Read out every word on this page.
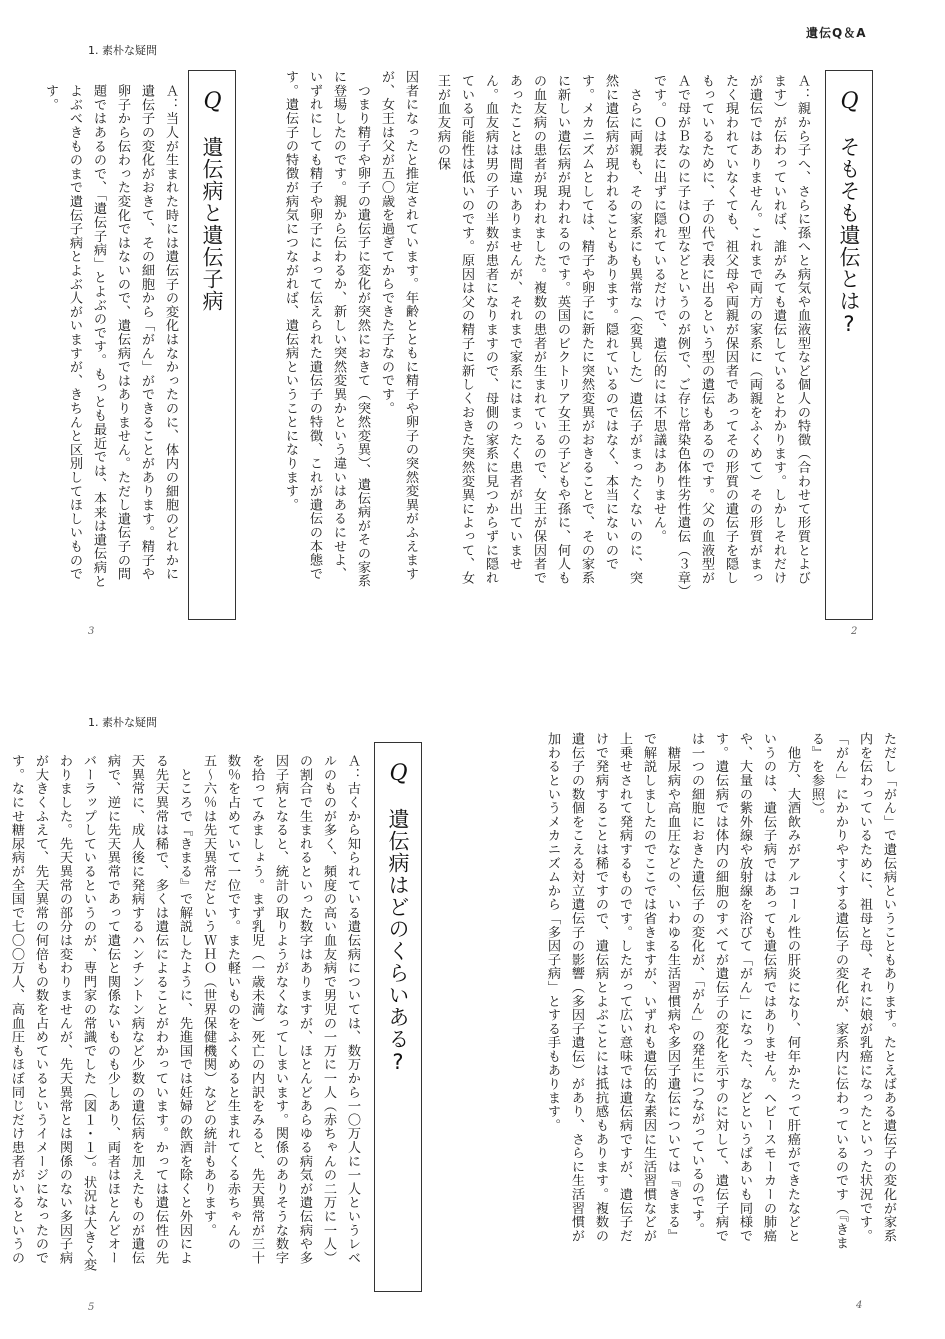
遺伝Q＆A
Qそもそも遺伝とは?
Ａ：親から子へ、さらに孫へと病気や血液型など個人の特徴（合わせて形質とよびます）が伝わっていれば、誰がみても遺伝しているとわかります。しかしそれだけが遺伝ではありません。これまで両方の家系に（両親をふくめて）その形質がまったく現われていなくても、祖父母や両親が保因者であってその形質の遺伝子を隠しもっているために、子の代で表に出るという型の遺伝もあるのです。父の血液型がＡで母がＢなのに子はＯ型などというのが例で、ご存じ常染色体性劣性遺伝（３章）です。Ｏは表に出ずに隠れているだけで、遺伝的には不思議はありません。
　さらに両親も、その家系にも異常な（変異した）遺伝子がまったくないのに、突然に遺伝病が現われることもあります。隠れているのではなく、本当にないのです。メカニズムとしては、精子や卵子に新たに突然変異がおきることで、その家系に新しい遺伝病が現われるのです。英国のビクトリア女王の子どもや孫に、何人もの血友病の患者が現われました。複数の患者が生まれているので、女王が保因者であったことは間違いありませんが、それまで家系にはまったく患者が出ていません。血友病は男の子の半数が患者になりますので、母側の家系に見つからずに隠れている可能性は低いのです。原因は父の精子に新しくおきた突然変異によって、女王が血友病の保
2
1. 素朴な疑問
因者になったと推定されています。年齢とともに精子や卵子の突然変異がふえますが、女王は父が五〇歳を過ぎてからできた子なのです。
　つまり精子や卵子の遺伝子に変化が突然におきて（突然変異）、遺伝病がその家系に登場したのです。親から伝わるか、新しい突然変異かという違いはあるにせよ、いずれにしても精子や卵子によって伝えられた遺伝子の特徴、これが遺伝の本態です。遺伝子の特徴が病気につながれば、遺伝病ということになります。
Q遺伝病と遺伝子病
Ａ：当人が生まれた時には遺伝子の変化はなかったのに、体内の細胞のどれかに遺伝子の変化がおきて、その細胞から「がん」ができることがあります。精子や卵子から伝わった変化ではないので、遺伝病ではありません。ただし遺伝子の問題ではあるので、「遺伝子病」とよぶのです。もっとも最近では、本来は遺伝病とよぶべきものまで遺伝子病とよぶ人がいますが、きちんと区別してほしいものです。
3
ただし「がん」で遺伝病ということもあります。たとえばある遺伝子の変化が家系内を伝わっているために、祖母と母、それに娘が乳癌になったといった状況です。「がん」にかかりやすくする遺伝子の変化が、家系内に伝わっているのです（『きまる』を参照）。
　他方、大酒飲みがアルコール性の肝炎になり、何年かたって肝癌ができたなどというのは、遺伝子病ではあっても遺伝病ではありません。ヘビースモーカーの肺癌や、大量の紫外線や放射線を浴びて「がん」になった、などというばあいも同様です。遺伝病では体内の細胞のすべてが遺伝子の変化を示すのに対して、遺伝子病では一つの細胞におきた遺伝子の変化が、「がん」の発生につながっているのです。
　糖尿病や高血圧などの、いわゆる生活習慣病や多因子遺伝については『きまる』で解説しましたのでここでは省きますが、いずれも遺伝的な素因に生活習慣などが上乗せされて発病するものです。したがって広い意味では遺伝病ですが、遺伝子だけで発病することは稀ですので、遺伝病とよぶことには抵抗感もあります。複数の遺伝子の数個をこえる対立遺伝子の影響（多因子遺伝）があり、さらに生活習慣が加わるというメカニズムから「多因子病」とする手もあります。
4
1. 素朴な疑問
Q遺伝病はどのくらいある?
Ａ：古くから知られている遺伝病については、数万から一〇万人に一人というレベルのものが多く、頻度の高い血友病で男児の一万に一人（赤ちゃんの二万に一人）の割合で生まれるといった数字はありますが、ほとんどあらゆる病気が遺伝病や多因子病となると、統計の取りようがなくなってしまいます。関係のありそうな数字を拾ってみましょう。まず乳児（一歳未満）死亡の内訳をみると、先天異常が三十数％を占めていて一位です。また軽いものをふくめると生まれてくる赤ちゃんの五〜六％は先天異常だというＷＨＯ（世界保健機関）などの統計もあります。
　ところで『きまる』で解説したように、先進国では妊婦の飲酒を除くと外因による先天異常は稀で、多くは遺伝によることがわかっています。かっては遺伝性の先天異常に、成人後に発病するハンチントン病など少数の遺伝病を加えたものが遺伝病で、逆に先天異常であって遺伝と関係ないものも少しあり、両者はほとんどオーバーラップしているというのが、専門家の常識でした（図１・１）。状況は大きく変わりました。先天異常の部分は変わりませんが、先天異常とは関係のない多因子病が大きくふえて、先天異常の何倍もの数を占めているというイメージになったのです。なにせ糖尿病が全国で七〇〇万人、高血圧もほぼ同じだけ患者がいるというの
5
